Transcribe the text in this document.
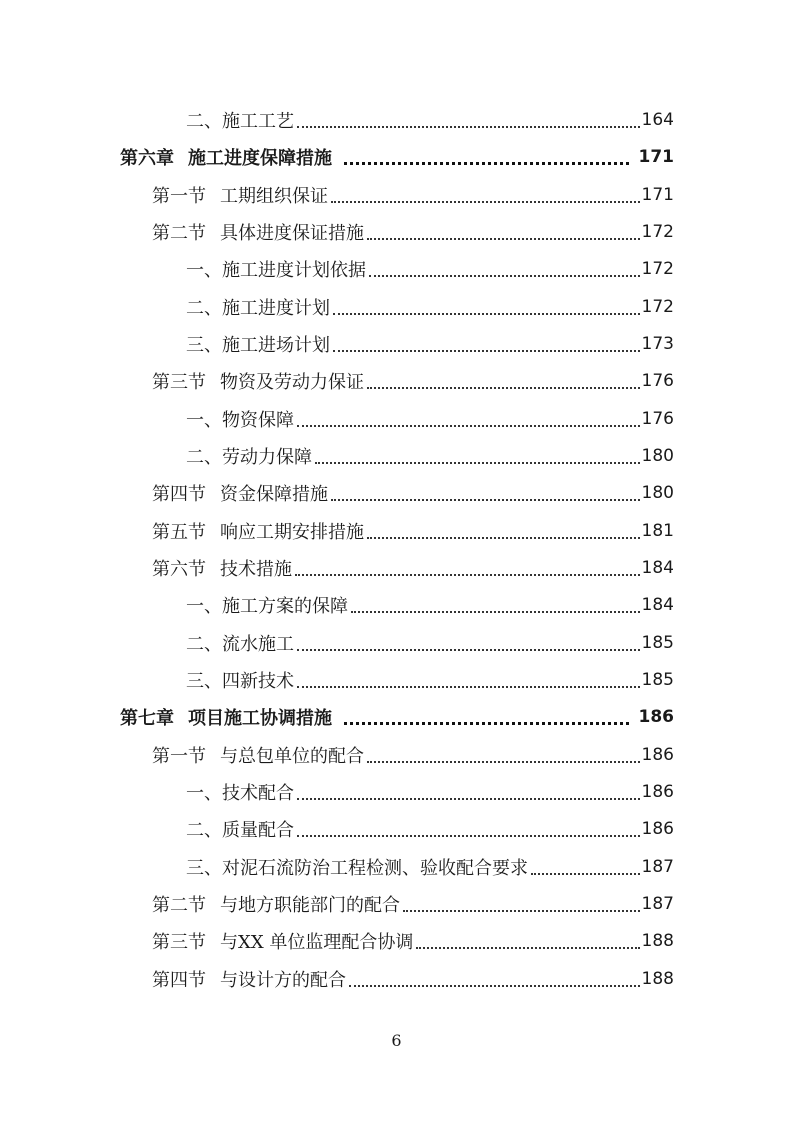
二、施工工艺	164
第六章 施工进度保障措施	171
第一节 工期组织保证	171
第二节 具体进度保证措施	172
一、施工进度计划依据	172
二、施工进度计划	172
三、施工进场计划	173
第三节 物资及劳动力保证	176
一、物资保障	176
二、劳动力保障	180
第四节 资金保障措施	180
第五节 响应工期安排措施	181
第六节 技术措施	184
一、施工方案的保障	184
二、流水施工	185
三、四新技术	185
第七章 项目施工协调措施	186
第一节 与总包单位的配合	186
一、技术配合	186
二、质量配合	186
三、对泥石流防治工程检测、验收配合要求	187
第二节 与地方职能部门的配合	187
第三节 与XX 单位监理配合协调	188
第四节 与设计方的配合	188
6
